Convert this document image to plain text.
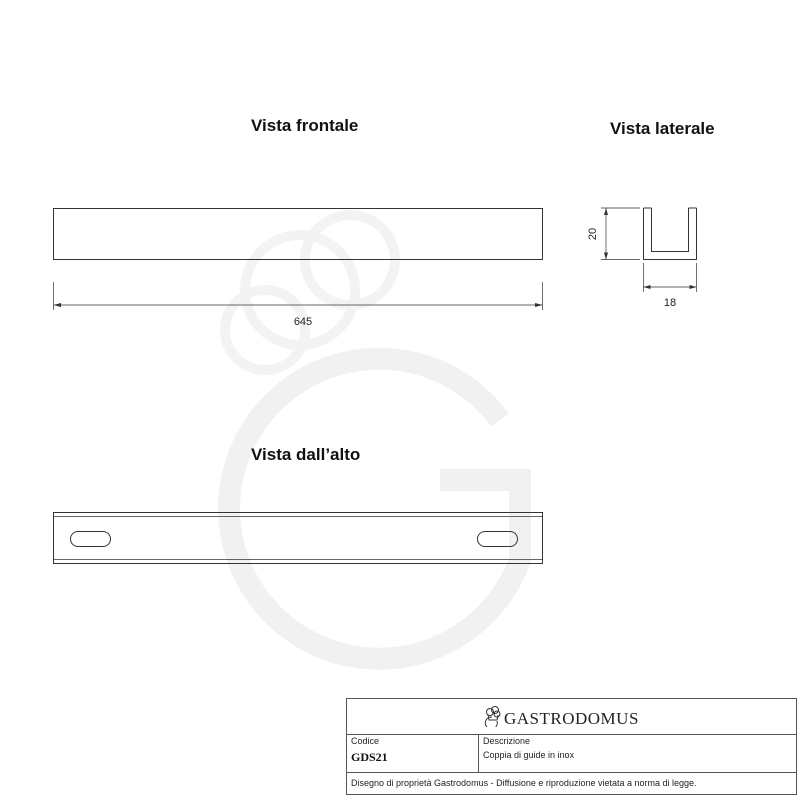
645
20
18
Vista frontale	Vista laterale
Vista dall’alto
GASTRODOMUS
Codice
GDS21
Descrizione
Coppia di guide in inox
Disegno di proprietà Gastrodomus - Diffusione e riproduzione vietata a norma di legge.
